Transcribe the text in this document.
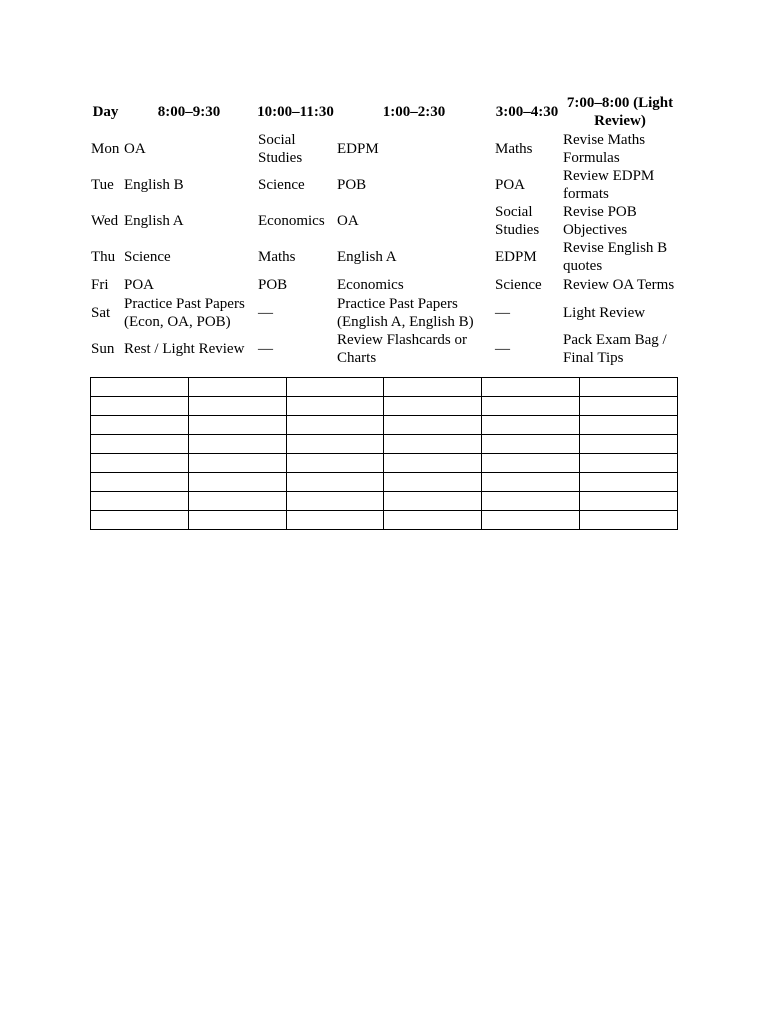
Day	8:00–9:30	10:00–11:30	1:00–2:30	3:00–4:30	7:00–8:00 (Light Review)
Mon	OA	Social Studies	EDPM	Maths	Revise Maths Formulas
Tue	English B	Science	POB	POA	Review EDPM formats
Wed	English A	Economics	OA	Social Studies	Revise POB Objectives
Thu	Science	Maths	English A	EDPM	Revise English B quotes
Fri	POA	POB	Economics	Science	Review OA Terms
Sat	Practice Past Papers (Econ, OA, POB)	—	Practice Past Papers (English A, English B)	—	Light Review
Sun	Rest / Light Review	—	Review Flashcards or Charts	—	Pack Exam Bag / Final Tips
